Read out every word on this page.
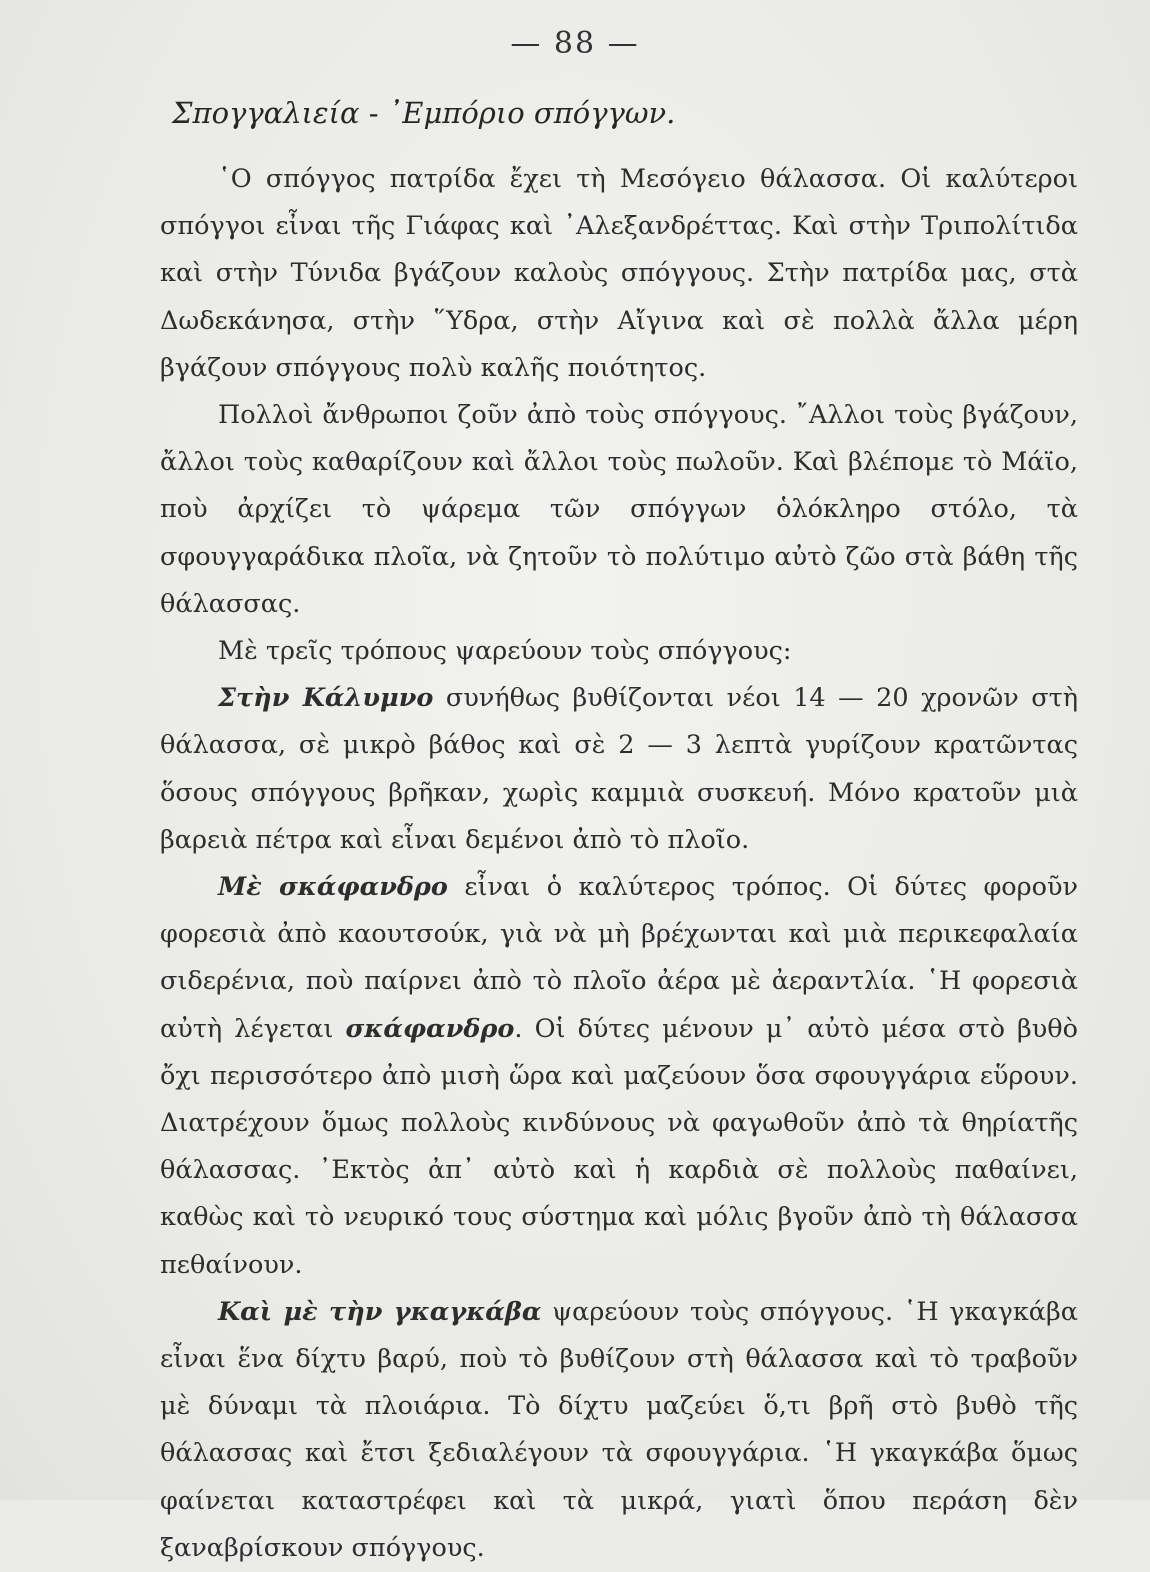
— 88 —
Σπογγαλιεία - ᾿Εμπόριο σπόγγων.

῾Ο σπόγγος πατρίδα ἔχει τὴ Μεσόγειο θάλασσα. Οἱ καλύτεροι σπόγγοι εἶναι τῆς Γιάφας καὶ ᾿Αλεξανδρέττας. Καὶ στὴν Τριπολίτιδα καὶ στὴν Τύνιδα βγάζουν καλοὺς σπόγγους. Στὴν πατρίδα μας, στὰ Δωδεκάνησα, στὴν ῞Υδρα, στὴν Αἴγινα καὶ σὲ πολλὰ ἄλλα μέρη βγάζουν σπόγγους πολὺ καλῆς ποιότητος.

Πολλοὶ ἄνθρωποι ζοῦν ἀπὸ τοὺς σπόγγους. ῎Αλλοι τοὺς βγάζουν, ἄλλοι τοὺς καθαρίζουν καὶ ἄλλοι τοὺς πωλοῦν. Καὶ βλέπομε τὸ Μάϊο, ποὺ ἀρχίζει τὸ ψάρεμα τῶν σπόγγων ὁλόκληρο στόλο, τὰ σφουγγαράδικα πλοῖα, νὰ ζητοῦν τὸ πολύτιμο αὐτὸ ζῶο στὰ βάθη τῆς θάλασσας.

Μὲ τρεῖς τρόπους ψαρεύουν τοὺς σπόγγους:

Στὴν Κάλυμνο συνήθως βυθίζονται νέοι 14 — 20 χρονῶν στὴ θάλασσα, σὲ μικρὸ βάθος καὶ σὲ 2 — 3 λεπτὰ γυρίζουν κρατῶντας ὅσους σπόγγους βρῆκαν, χωρὶς καμμιὰ συσκευή. Μόνο κρατοῦν μιὰ βαρειὰ πέτρα καὶ εἶναι δεμένοι ἀπὸ τὸ πλοῖο.

Μὲ σκάφανδρο εἶναι ὁ καλύτερος τρόπος. Οἱ δύτες φοροῦν φορεσιὰ ἀπὸ καουτσούκ, γιὰ νὰ μὴ βρέχωνται καὶ μιὰ περικεφαλαία σιδερένια, ποὺ παίρνει ἀπὸ τὸ πλοῖο ἀέρα μὲ ἀεραντλία. ῾Η φορεσιὰ αὐτὴ λέγεται σκάφανδρο. Οἱ δύτες μένουν μ᾿ αὐτὸ μέσα στὸ βυθὸ ὄχι περισσότερο ἀπὸ μισὴ ὥρα καὶ μαζεύουν ὅσα σφουγγάρια εὕρουν. Διατρέχουν ὅμως πολλοὺς κινδύνους νὰ φαγωθοῦν ἀπὸ τὰ θηρίατῆς θάλασσας. ᾿Εκτὸς ἀπ᾿ αὐτὸ καὶ ἡ καρδιὰ σὲ πολλοὺς παθαίνει, καθὼς καὶ τὸ νευρικό τους σύστημα καὶ μόλις βγοῦν ἀπὸ τὴ θάλασσα πεθαίνουν.

Καὶ μὲ τὴν γκαγκάβα ψαρεύουν τοὺς σπόγγους. ῾Η γκαγκάβα εἶναι ἕνα δίχτυ βαρύ, ποὺ τὸ βυθίζουν στὴ θάλασσα καὶ τὸ τραβοῦν μὲ δύναμι τὰ πλοιάρια. Τὸ δίχτυ μαζεύει ὅ,τι βρῆ στὸ βυθὸ τῆς θάλασσας καὶ ἔτσι ξεδιαλέγουν τὰ σφουγγάρια. ῾Η γκαγκάβα ὅμως φαίνεται καταστρέφει καὶ τὰ μικρά, γιατὶ ὅπου περάση δὲν ξαναβρίσκουν σπόγγους.
